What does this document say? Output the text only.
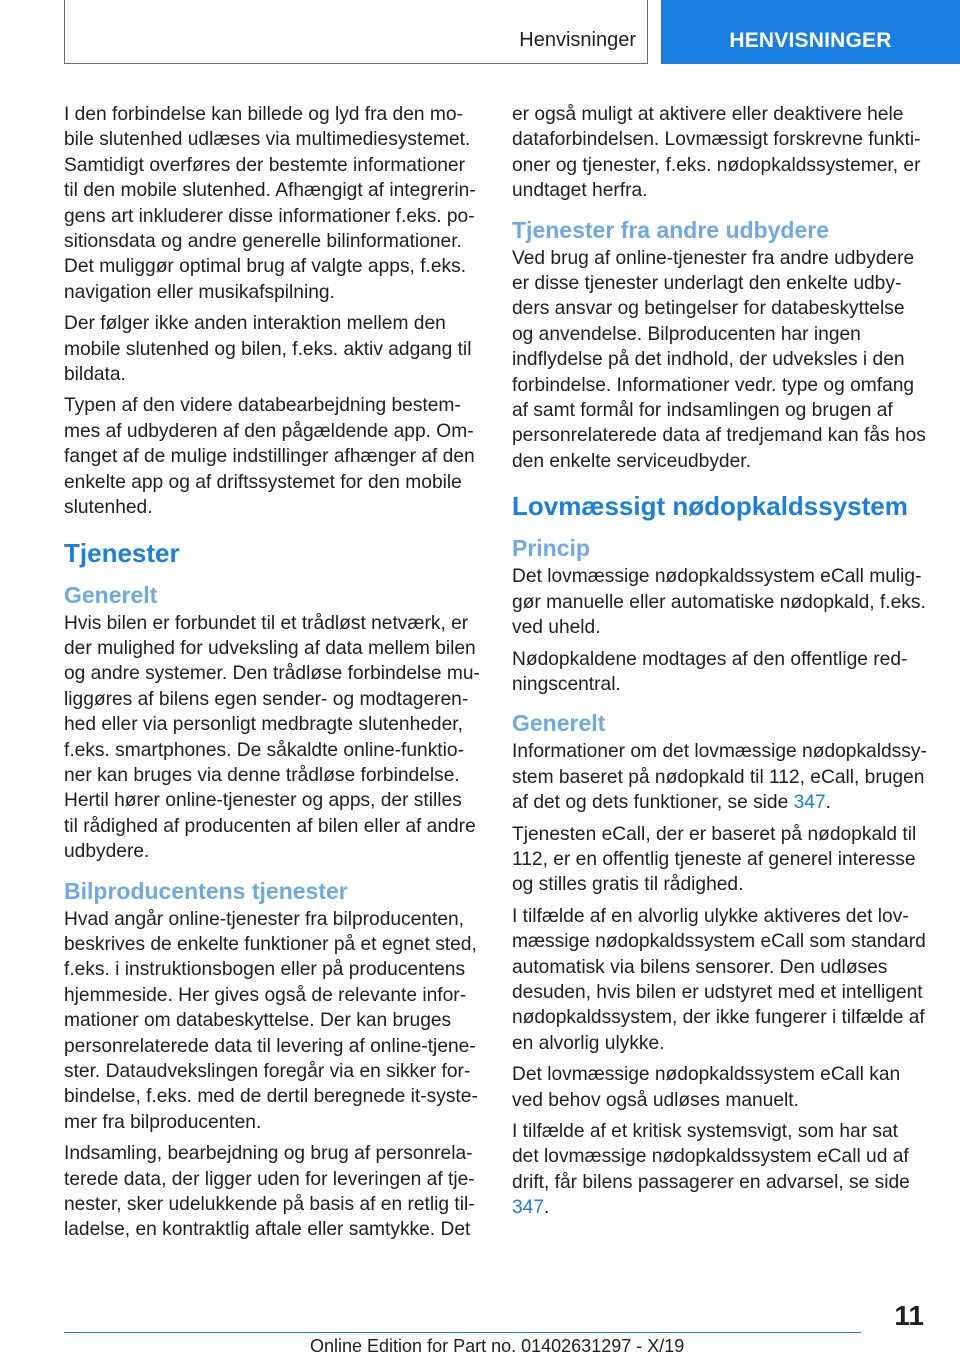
Henvisninger	HENVISNINGER

I den forbindelse kan billede og lyd fra den mobile slutenhed udlæses via multimediesystemet. Samtidigt overføres der bestemte informationer til den mobile slutenhed. Afhængigt af integreringens art inkluderer disse informationer f.eks. positionsdata og andre generelle bilinformationer. Det muliggør optimal brug af valgte apps, f.eks. navigation eller musikafspilning.

Der følger ikke anden interaktion mellem den mobile slutenhed og bilen, f.eks. aktiv adgang til bildata.

Typen af den videre databearbejdning bestemmes af udbyderen af den pågældende app. Omfanget af de mulige indstillinger afhænger af den enkelte app og af driftssystemet for den mobile slutenhed.

Tjenester
Generelt

Hvis bilen er forbundet til et trådløst netværk, er der mulighed for udveksling af data mellem bilen og andre systemer. Den trådløse forbindelse muliggøres af bilens egen sender- og modtagerenhed eller via personligt medbragte slutenheder, f.eks. smartphones. De såkaldte online-funktioner kan bruges via denne trådløse forbindelse. Hertil hører online-tjenester og apps, der stilles til rådighed af producenten af bilen eller af andre udbydere.

Bilproducentens tjenester

Hvad angår online-tjenester fra bilproducenten, beskrives de enkelte funktioner på et egnet sted, f.eks. i instruktionsbogen eller på producentens hjemmeside. Her gives også de relevante informationer om databeskyttelse. Der kan bruges personrelaterede data til levering af online-tjenester. Dataudvekslingen foregår via en sikker forbindelse, f.eks. med de dertil beregnede it-systemer fra bilproducenten.

Indsamling, bearbejdning og brug af personrelaterede data, der ligger uden for leveringen af tjenester, sker udelukkende på basis af en retlig tilladelse, en kontraktlig aftale eller samtykke. Det

er også muligt at aktivere eller deaktivere hele dataforbindelsen. Lovmæssigt forskrevne funktioner og tjenester, f.eks. nødopkaldssystemer, er undtaget herfra.

Tjenester fra andre udbydere

Ved brug af online-tjenester fra andre udbydere er disse tjenester underlagt den enkelte udbyders ansvar og betingelser for databeskyttelse og anvendelse. Bilproducenten har ingen indflydelse på det indhold, der udveksles i den forbindelse. Informationer vedr. type og omfang af samt formål for indsamlingen og brugen af personrelaterede data af tredjemand kan fås hos den enkelte serviceudbyder.

Lovmæssigt nødopkaldssystem
Princip

Det lovmæssige nødopkaldssystem eCall muliggør manuelle eller automatiske nødopkald, f.eks. ved uheld.

Nødopkaldene modtages af den offentlige redningscentral.

Generelt

Informationer om det lovmæssige nødopkaldssystem baseret på nødopkald til 112, eCall, brugen af det og dets funktioner, se side 347.

Tjenesten eCall, der er baseret på nødopkald til 112, er en offentlig tjeneste af generel interesse og stilles gratis til rådighed.

I tilfælde af en alvorlig ulykke aktiveres det lovmæssige nødopkaldssystem eCall som standard automatisk via bilens sensorer. Den udløses desuden, hvis bilen er udstyret med et intelligent nødopkaldssystem, der ikke fungerer i tilfælde af en alvorlig ulykke.

Det lovmæssige nødopkaldssystem eCall kan ved behov også udløses manuelt.

I tilfælde af et kritisk systemsvigt, som har sat det lovmæssige nødopkaldssystem eCall ud af drift, får bilens passagerer en advarsel, se side 347.

11
Online Edition for Part no. 01402631297 - X/19
